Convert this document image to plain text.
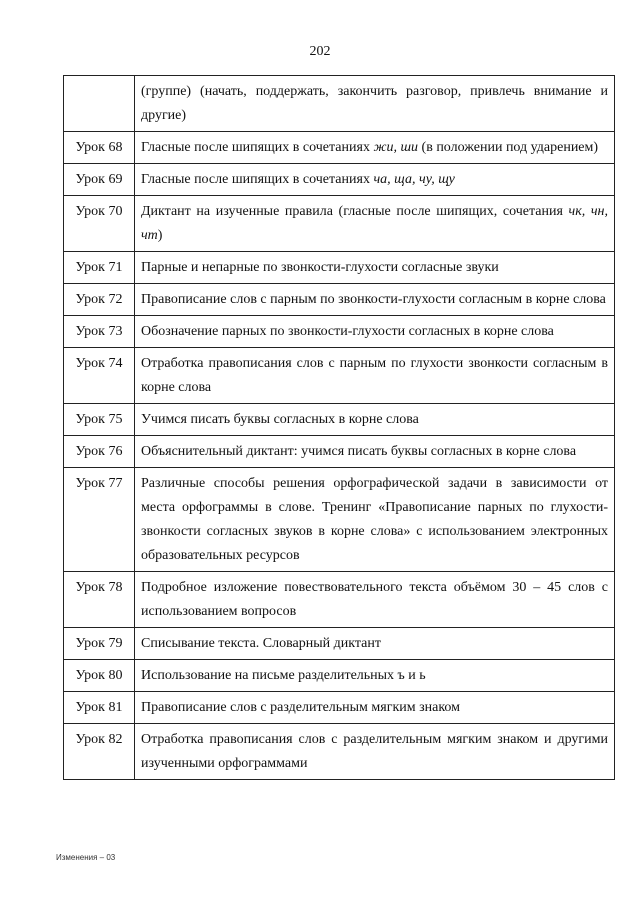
202
	(группе) (начать, поддержать, закончить разговор, привлечь внимание и другие)
Урок 68	Гласные после шипящих в сочетаниях жи, ши (в положении под ударением)
Урок 69	Гласные после шипящих в сочетаниях ча, ща, чу, щу
Урок 70	Диктант на изученные правила (гласные после шипящих, сочетания чк, чн, чт)
Урок 71	Парные и непарные по звонкости-глухости согласные звуки
Урок 72	Правописание слов с парным по звонкости-глухости согласным в корне слова
Урок 73	Обозначение парных по звонкости-глухости согласных в корне слова
Урок 74	Отработка правописания слов с парным по глухости звонкости согласным в корне слова
Урок 75	Учимся писать буквы согласных в корне слова
Урок 76	Объяснительный диктант: учимся писать буквы согласных в корне слова
Урок 77	Различные способы решения орфографической задачи в зависимости от места орфограммы в слове. Тренинг «Правописание парных по глухости-звонкости согласных звуков в корне слова» с использованием электронных образовательных ресурсов
Урок 78	Подробное изложение повествовательного текста объёмом 30 – 45 слов с использованием вопросов
Урок 79	Списывание текста. Словарный диктант
Урок 80	Использование на письме разделительных ъ и ь
Урок 81	Правописание слов с разделительным мягким знаком
Урок 82	Отработка правописания слов с разделительным мягким знаком и другими изученными орфограммами
Изменения – 03
